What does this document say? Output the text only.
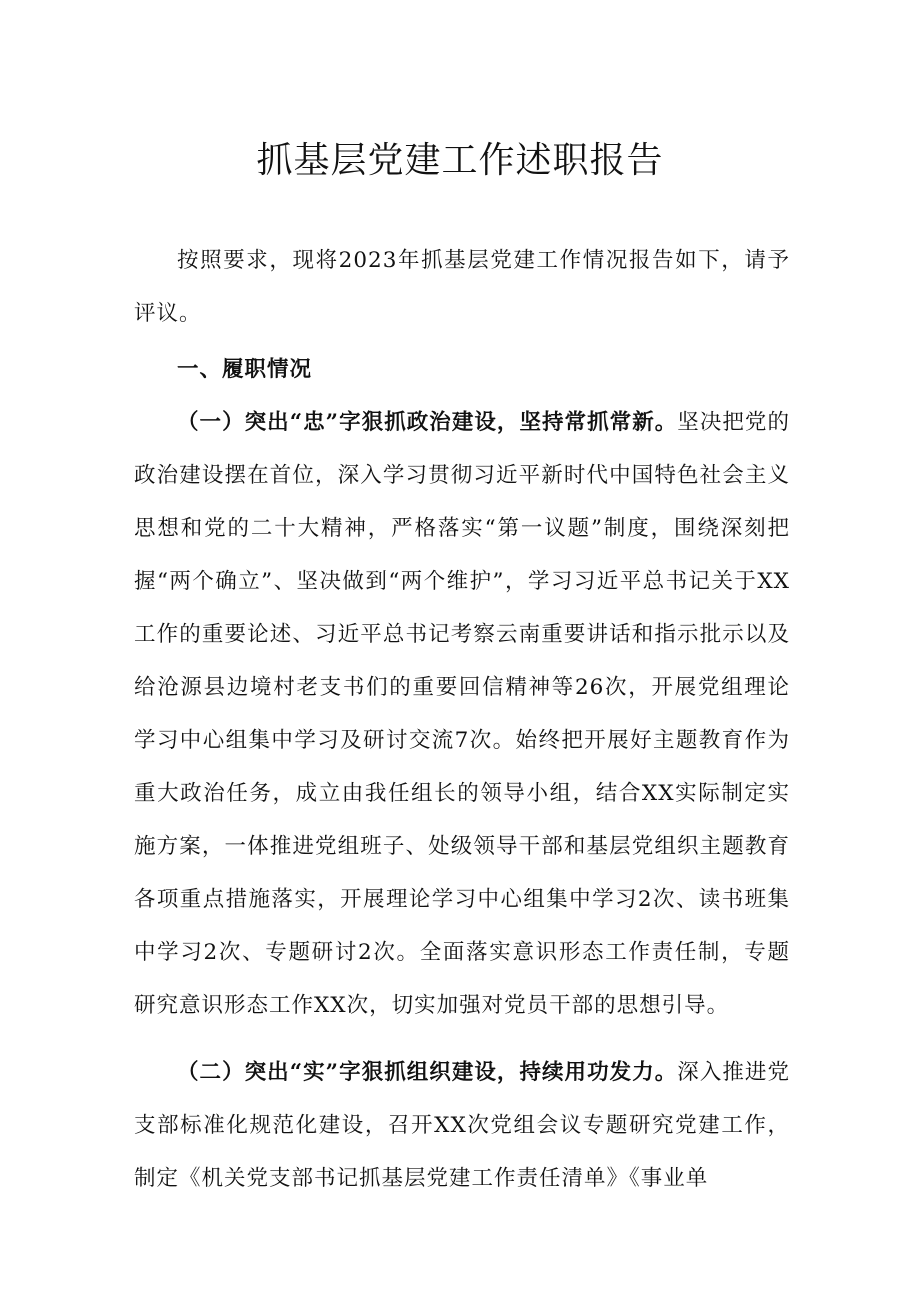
抓基层党建工作述职报告

按照要求，现将2023年抓基层党建工作情况报告如下，请予评议。

一、履职情况

（一）突出“忠”字狠抓政治建设，坚持常抓常新。坚决把党的政治建设摆在首位，深入学习贯彻习近平新时代中国特色社会主义思想和党的二十大精神，严格落实“第一议题”制度，围绕深刻把握“两个确立”、坚决做到“两个维护”，学习习近平总书记关于XX工作的重要论述、习近平总书记考察云南重要讲话和指示批示以及给沧源县边境村老支书们的重要回信精神等26次，开展党组理论学习中心组集中学习及研讨交流7次。始终把开展好主题教育作为重大政治任务，成立由我任组长的领导小组，结合XX实际制定实施方案，一体推进党组班子、处级领导干部和基层党组织主题教育各项重点措施落实，开展理论学习中心组集中学习2次、读书班集中学习2次、专题研讨2次。全面落实意识形态工作责任制，专题研究意识形态工作XX次，切实加强对党员干部的思想引导。

（二）突出“实”字狠抓组织建设，持续用功发力。深入推进党支部标准化规范化建设，召开XX次党组会议专题研究党建工作，制定《机关党支部书记抓基层党建工作责任清单》《事业单
